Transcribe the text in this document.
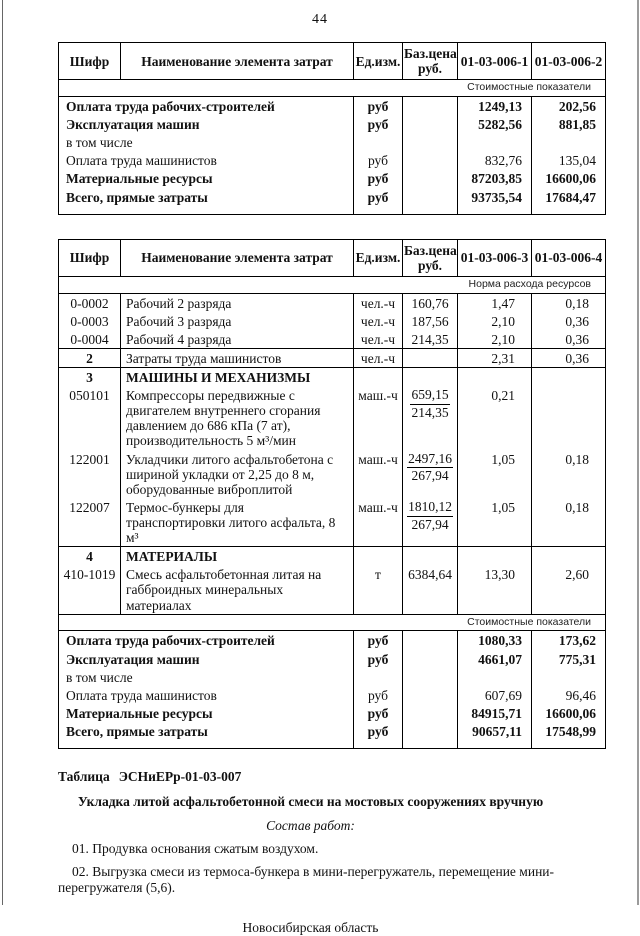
44
Шифр	Наименование элемента затрат	Ед.изм.	Баз.цена руб.	01-03-006-1	01-03-006-2
Стоимостные показатели					
Оплата труда рабочих-строителей		руб		1249,13	202,56
Эксплуатация машин		руб		5282,56	881,85
в том числе					
Оплата труда машинистов		руб		832,76	135,04
Материальные ресурсы		руб		87203,85	16600,06
Всего, прямые затраты		руб		93735,54	17684,47

Шифр	Наименование элемента затрат	Ед.изм.	Баз.цена руб.	01-03-006-3	01-03-006-4
Норма расхода ресурсов					
0-0002	Рабочий 2 разряда	чел.-ч	160,76	1,47	0,18
0-0003	Рабочий 3 разряда	чел.-ч	187,56	2,10	0,36
0-0004	Рабочий 4 разряда	чел.-ч	214,35	2,10	0,36
2	Затраты труда машинистов	чел.-ч		2,31	0,36
3	МАШИНЫ И МЕХАНИЗМЫ				
050101	Компрессоры передвижные с двигателем внутреннего сгорания давлением до 686 кПа (7 ат), производительность 5 м³/мин	маш.-ч	$\frac{659,15}{214,35}$	0,21	
122001	Укладчики литого асфальтобетона с шириной укладки от 2,25 до 8 м, оборудованные виброплитой	маш.-ч	$\frac{2497,16}{267,94}$	1,05	0,18
122007	Термос-бункеры для транспортировки литого асфальта, 8 м³	маш.-ч	$\frac{1810,12}{267,94}$	1,05	0,18
4	МАТЕРИАЛЫ				
410-1019	Смесь асфальтобетонная литая на габброидных минеральных материалах	т	6384,64	13,30	2,60
Стоимостные показатели					
Оплата труда рабочих-строителей		руб		1080,33	173,62
Эксплуатация машин		руб		4661,07	775,31
в том числе					
Оплата труда машинистов		руб		607,69	96,46
Материальные ресурсы		руб		84915,71	16600,06
Всего, прямые затраты		руб		90657,11	17548,99

Таблица ЭСНиЕРр-01-03-007
Укладка литой асфальтобетонной смеси на мостовых сооружениях вручную
Состав работ:
01. Продувка основания сжатым воздухом.
02. Выгрузка смеси из термоса-бункера в мини-перегружатель, перемещение мини-перегружателя (5,6).
Новосибирская область
